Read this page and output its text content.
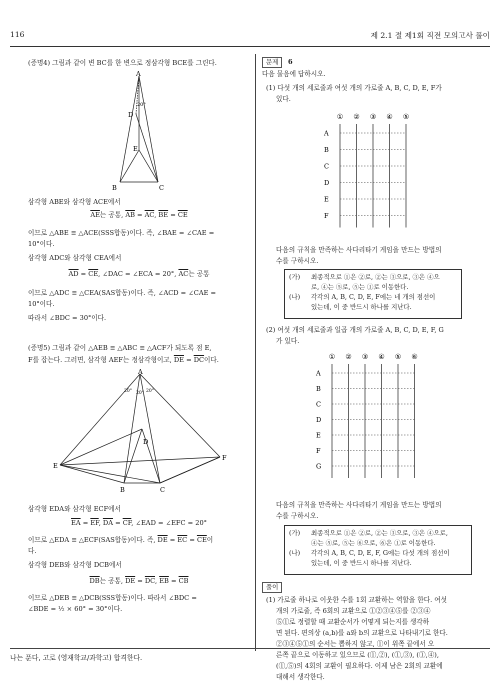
116	제 2.1 절 제1회 직전 모의고사 풀이
(증명4) 그림과 같이 변 BC를 한 변으로 정삼각형 BCE를 그린다.
A
D
E
B	C
20°
삼각형 ABE와 삼각형 ACE에서
$\overline{AE}$는 공통, $\overline{AB} = \overline{AC}$, $\overline{BE} = \overline{CE}$
이므로 △ABE ≡ △ACE(SSS합동)이다. 즉, ∠BAE = ∠CAE =
10°이다.
삼각형 ADC와 삼각형 CEA에서
$\overline{AD} = \overline{CE}$, ∠DAC = ∠ECA = 20°, $\overline{AC}$는 공통
이므로 △ADC ≡ △CEA(SAS합동)이다. 즉, ∠ACD = ∠CAE =
10°이다.
따라서 ∠BDC = 30°이다.
(증명5) 그림과 같이 △AEB ≡ △ABC ≡ △ACF가 되도록 점 E,
F를 잡는다. 그러면, 삼각형 AEF는 정삼각형이고, $\overline{DE} = \overline{DC}$이다.
A
E
F
B	C
D
20° 20° 20°
삼각형 EDA와 삼각형 ECF에서
$\overline{EA} = \overline{EF}$, $\overline{DA} = \overline{CF}$, ∠EAD = ∠EFC = 20°
이므로 △EDA ≡ △ECF(SAS합동)이다. 즉, $\overline{DE} = \overline{EC} = \overline{CE}$이
다.
삼각형 DEB와 삼각형 DCB에서
$\overline{DB}$는 공통, $\overline{DE} = \overline{DC}$, $\overline{EB} = \overline{CB}$
이므로 △DEB ≡ △DCB(SSS합동)이다. 따라서 ∠BDC =
∠BDE = ½ × 60° = 30°이다.
문제	6
다음 물음에 답하시오.
(1) 다섯 개의 세로줄과 여섯 개의 가로줄 A, B, C, D, E, F가
있다.
① ② ③ ④ ⑤
A
B
C
D
E
F
다음의 규칙을 만족하는 사다리타기 게임을 만드는 방법의
수를 구하시오.
(가)	최종적으로 ①은 ②로, ②는 ③으로, ③은 ④으
로, ④는 ⑤로, ⑤는 ①로 이동한다.
(나)	각각의 A, B, C, D, E, F에는 네 개의 점선이
있는데, 이 중 반드시 하나를 지난다.
(2) 여섯 개의 세로줄과 일곱 개의 가로줄 A, B, C, D, E, F, G
가 있다.
① ② ③ ④ ⑤ ⑥
A
B
C
D
E
F
G
다음의 규칙을 만족하는 사다리타기 게임을 만드는 방법의
수를 구하시오.
(가)	최종적으로 ①은 ②로, ②는 ③으로, ③은 ④으로,
④는 ⑤로, ⑤는 ⑥으로, ⑥은 ①로 이동한다.
(나)	각각의 A, B, C, D, E, F, G에는 다섯 개의 점선이
있는데, 이 중 반드시 하나를 지난다.
풀이
(1) 가로줄 하나로 이웃한 수를 1회 교환하는 역할을 한다. 여섯
개의 가로줄, 즉 6회의 교환으로 ①②③④⑤를 ②③④
⑤①로 정렬할 때 교환순서가 어떻게 되는지를 생각하
면 된다. 편의상 (a,b)를 a와 b의 교환으로 나타내기로 한다.
②③④⑤①의 순서는 뽑하지 않고, ①이 위쪽 끝에서 오
른쪽 끝으로 이동하고 있으므로 (①,②), (①,③), (①,④),
(①,⑤)의 4회의 교환이 필요하다. 이제 남은 2회의 교환에
대해서 생각한다.
나는 푼다, 고로 (영재학교/과학고) 합격한다.
